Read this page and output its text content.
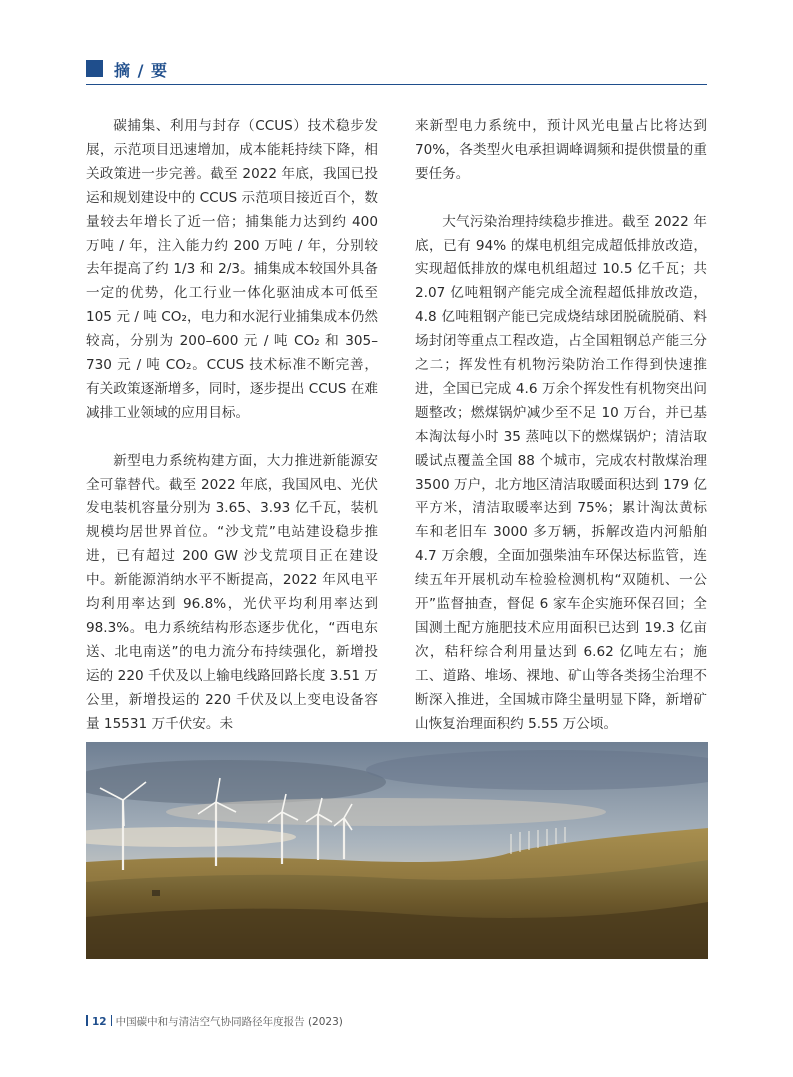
摘 / 要

碳捕集、利用与封存（CCUS）技术稳步发展，示范项目迅速增加，成本能耗持续下降，相关政策进一步完善。截至 2022 年底，我国已投运和规划建设中的 CCUS 示范项目接近百个，数量较去年增长了近一倍；捕集能力达到约 400 万吨 / 年，注入能力约 200 万吨 / 年，分别较去年提高了约 1/3 和 2/3。捕集成本较国外具备一定的优势，化工行业一体化驱油成本可低至 105 元 / 吨 CO₂，电力和水泥行业捕集成本仍然较高，分别为 200–600 元 / 吨 CO₂ 和 305–730 元 / 吨 CO₂。CCUS 技术标准不断完善，有关政策逐渐增多，同时，逐步提出 CCUS 在难减排工业领域的应用目标。

新型电力系统构建方面，大力推进新能源安全可靠替代。截至 2022 年底，我国风电、光伏发电装机容量分别为 3.65、3.93 亿千瓦，装机规模均居世界首位。“沙戈荒”电站建设稳步推进，已有超过 200 GW 沙戈荒项目正在建设中。新能源消纳水平不断提高，2022 年风电平均利用率达到 96.8%，光伏平均利用率达到 98.3%。电力系统结构形态逐步优化，“西电东送、北电南送”的电力流分布持续强化，新增投运的 220 千伏及以上输电线路回路长度 3.51 万公里，新增投运的 220 千伏及以上变电设备容量 15531 万千伏安。未

来新型电力系统中，预计风光电量占比将达到 70%，各类型火电承担调峰调频和提供惯量的重要任务。

大气污染治理持续稳步推进。截至 2022 年底，已有 94% 的煤电机组完成超低排放改造，实现超低排放的煤电机组超过 10.5 亿千瓦；共 2.07 亿吨粗钢产能完成全流程超低排放改造，4.8 亿吨粗钢产能已完成烧结球团脱硫脱硝、料场封闭等重点工程改造，占全国粗钢总产能三分之二；挥发性有机物污染防治工作得到快速推进，全国已完成 4.6 万余个挥发性有机物突出问题整改；燃煤锅炉减少至不足 10 万台，并已基本淘汰每小时 35 蒸吨以下的燃煤锅炉；清洁取暖试点覆盖全国 88 个城市，完成农村散煤治理 3500 万户，北方地区清洁取暖面积达到 179 亿平方米，清洁取暖率达到 75%；累计淘汰黄标车和老旧车 3000 多万辆，拆解改造内河船舶 4.7 万余艘，全面加强柴油车环保达标监管，连续五年开展机动车检验检测机构“双随机、一公开”监督抽查，督促 6 家车企实施环保召回；全国测土配方施肥技术应用面积已达到 19.3 亿亩次，秸秆综合利用量达到 6.62 亿吨左右；施工、道路、堆场、裸地、矿山等各类扬尘治理不断深入推进，全国城市降尘量明显下降，新增矿山恢复治理面积约 5.55 万公顷。

12 中国碳中和与清洁空气协同路径年度报告 (2023)
